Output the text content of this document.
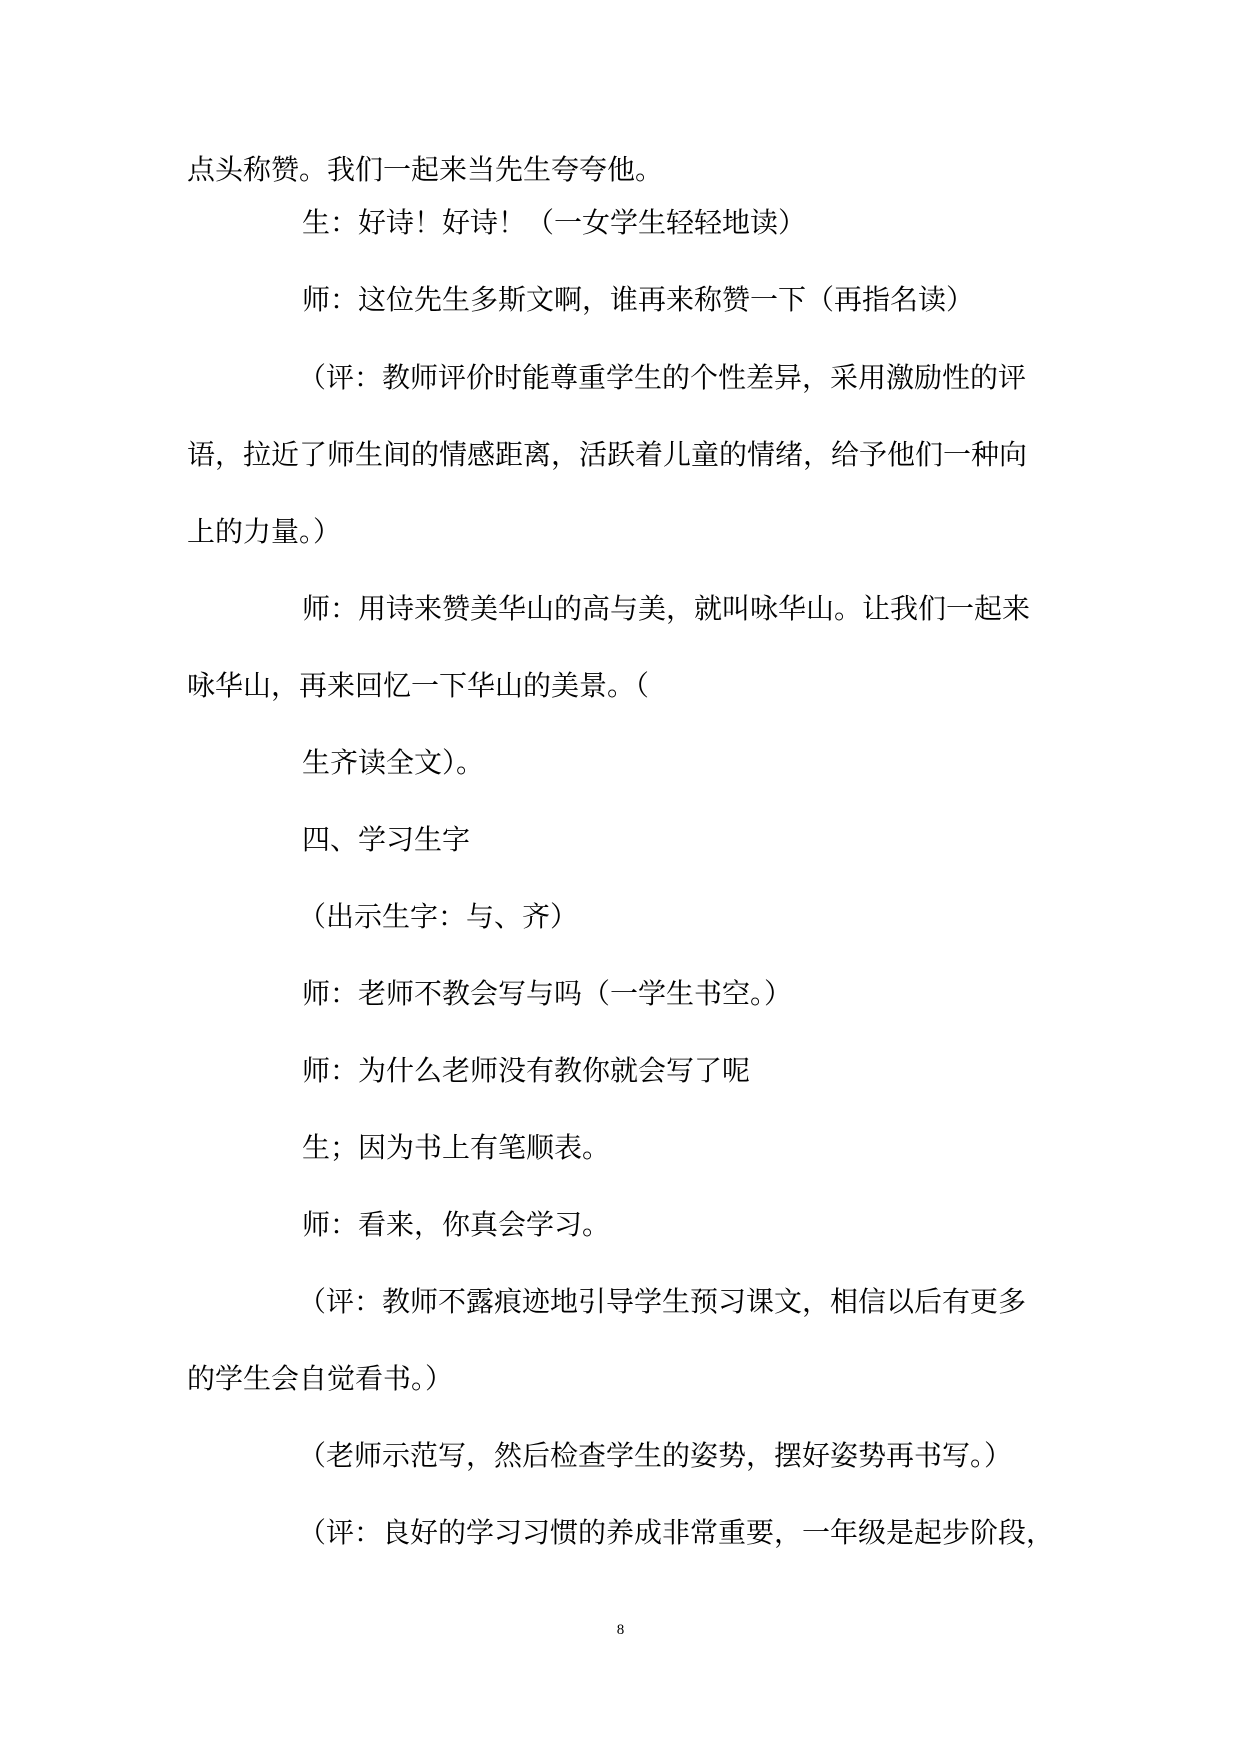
点头称赞。我们一起来当先生夸夸他。
生：好诗！好诗！（一女学生轻轻地读）
师：这位先生多斯文啊，谁再来称赞一下（再指名读）
（评：教师评价时能尊重学生的个性差异，采用激励性的评
语，拉近了师生间的情感距离，活跃着儿童的情绪，给予他们一种向
上的力量。）
师：用诗来赞美华山的高与美，就叫咏华山。让我们一起来
咏华山，再来回忆一下华山的美景。（
生齐读全文）。
四、学习生字
（出示生字：与、齐）
师：老师不教会写与吗（一学生书空。）
师：为什么老师没有教你就会写了呢
生；因为书上有笔顺表。
师：看来，你真会学习。
（评：教师不露痕迹地引导学生预习课文，相信以后有更多
的学生会自觉看书。）
（老师示范写，然后检查学生的姿势，摆好姿势再书写。）
（评：良好的学习习惯的养成非常重要，一年级是起步阶段，
8
